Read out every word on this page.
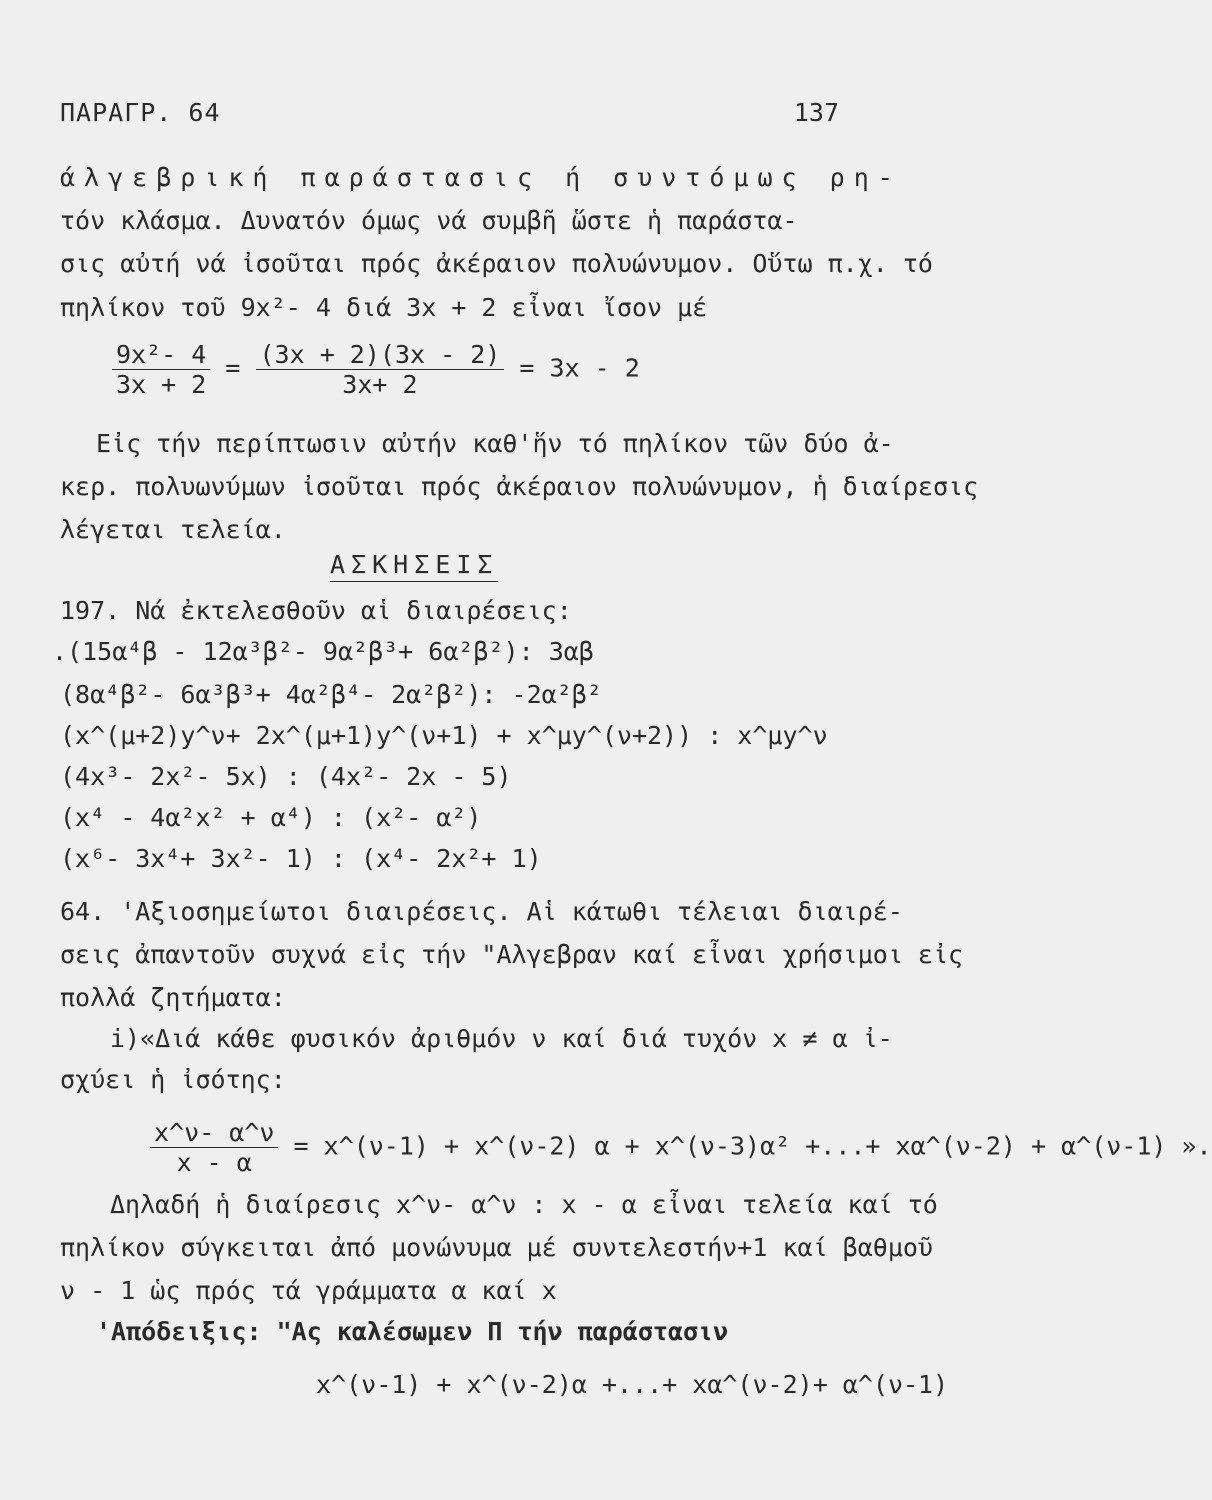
ΠΑΡΑΓΡ. 64	137
άλγεβρική παράστασις ή συντόμως ρη-
τόν κλάσμα. Δυνατόν όμως νά συμβῆ ὥστε ἡ παράστα-
σις αὐτή νά ἰσοῦται πρός ἀκέραιον πολυώνυμον. Οὕτω π.χ. τό
πηλίκον τοῦ 9x²- 4 διά 3x + 2 εἶναι ἴσον μέ
$\frac{\text{9x²- 4}}{3x + 2} = \frac{(3x + 2)(3x - 2)}{3x+ 2} = 3x - 2$
Εἰς τήν περίπτωσιν αὐτήν καθ'ἥν τό πηλίκον τῶν δύο ἀ-
κερ. πολυωνύμων ἰσοῦται πρός ἀκέραιον πολυώνυμον, ἡ διαίρεσις
λέγεται τελεία.
ΑΣΚΗΣΕΙΣ
197. Νά ἐκτελεσθοῦν αἱ διαιρέσεις:
.(15α⁴β - 12α³β²- 9α²β³+ 6α²β²): 3αβ
(8α⁴β²- 6α³β³+ 4α²β⁴- 2α²β²): -2α²β²
(x^(μ+2)y^ν+ 2x^(μ+1)y^(ν+1) + x^μy^(ν+2)) : x^μy^ν
(4x³- 2x²- 5x) : (4x²- 2x - 5)
(x⁴ - 4α²x² + α⁴) : (x²- α²)
(x⁶- 3x⁴+ 3x²- 1) : (x⁴- 2x²+ 1)
64. 'Αξιοσημείωτοι διαιρέσεις. Αἱ κάτωθι τέλειαι διαιρέ-
σεις ἀπαντοῦν συχνά εἰς τήν "Αλγεβραν καί εἶναι χρήσιμοι εἰς
πολλά ζητήματα:
i)«Διά κάθε φυσικόν ἀριθμόν ν καί διά τυχόν x ≠ α ἰ-
σχύει ἡ ἰσότης:
$\frac{x\^{}\nu- \alpha\^{}\nu}{x - \alpha}$ = x^(ν-1) + x^(ν-2) α + x^(ν-3)α² +...+ xα^(ν-2) + α^(ν-1) ».
Δηλαδή ἡ διαίρεσις x^ν- α^ν : x - α εἶναι τελεία καί τό
πηλίκον σύγκειται ἀπό μονώνυμα μέ συντελεστήν+1 καί βαθμοῦ
ν - 1 ὡς πρός τά γράμματα α καί x
'Απόδειξις: "Ας καλέσωμεν Π τήν παράστασιν
x^(ν-1) + x^(ν-2)α +...+ xα^(ν-2)+ α^(ν-1)
